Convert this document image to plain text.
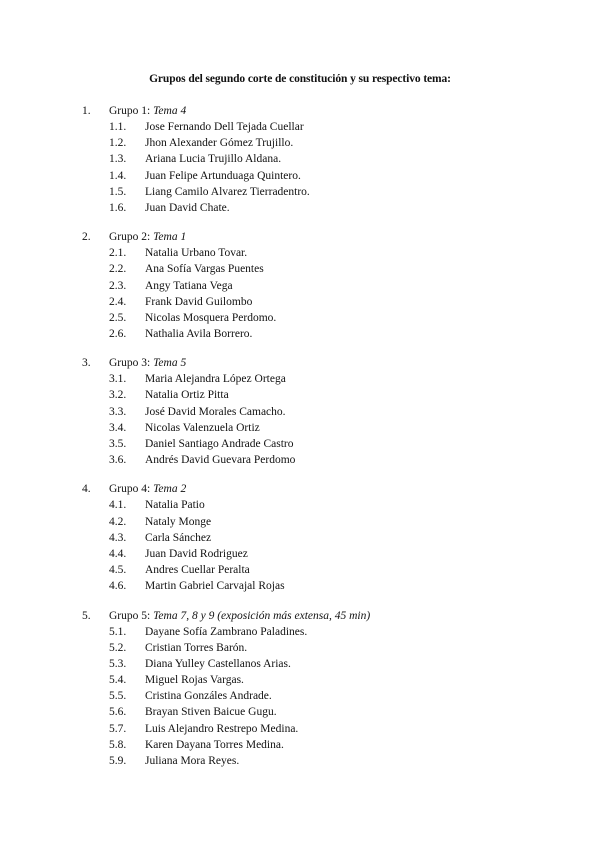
Grupos del segundo corte de constitución y su respectivo tema:
1. Grupo 1: Tema 4
1.1. Jose Fernando Dell Tejada Cuellar
1.2. Jhon Alexander Gómez Trujillo.
1.3. Ariana Lucia Trujillo Aldana.
1.4. Juan Felipe Artunduaga Quintero.
1.5. Liang Camilo Alvarez Tierradentro.
1.6. Juan David Chate.
2. Grupo 2: Tema 1
2.1. Natalia Urbano Tovar.
2.2. Ana Sofía Vargas Puentes
2.3. Angy Tatiana Vega
2.4. Frank David Guilombo
2.5. Nicolas Mosquera Perdomo.
2.6. Nathalia Avila Borrero.
3. Grupo 3: Tema 5
3.1. Maria Alejandra López Ortega
3.2. Natalia Ortiz Pitta
3.3. José David Morales Camacho.
3.4. Nicolas Valenzuela Ortiz
3.5. Daniel Santiago Andrade Castro
3.6. Andrés David Guevara Perdomo
4. Grupo 4: Tema 2
4.1. Natalia Patio
4.2. Nataly Monge
4.3. Carla Sánchez
4.4. Juan David Rodriguez
4.5. Andres Cuellar Peralta
4.6. Martin Gabriel Carvajal Rojas
5. Grupo 5: Tema 7, 8 y 9 (exposición más extensa, 45 min)
5.1. Dayane Sofía Zambrano Paladines.
5.2. Cristian Torres Barón.
5.3. Diana Yulley Castellanos Arias.
5.4. Miguel Rojas Vargas.
5.5. Cristina Gonzáles Andrade.
5.6. Brayan Stiven Baicue Gugu.
5.7. Luis Alejandro Restrepo Medina.
5.8. Karen Dayana Torres Medina.
5.9. Juliana Mora Reyes.
